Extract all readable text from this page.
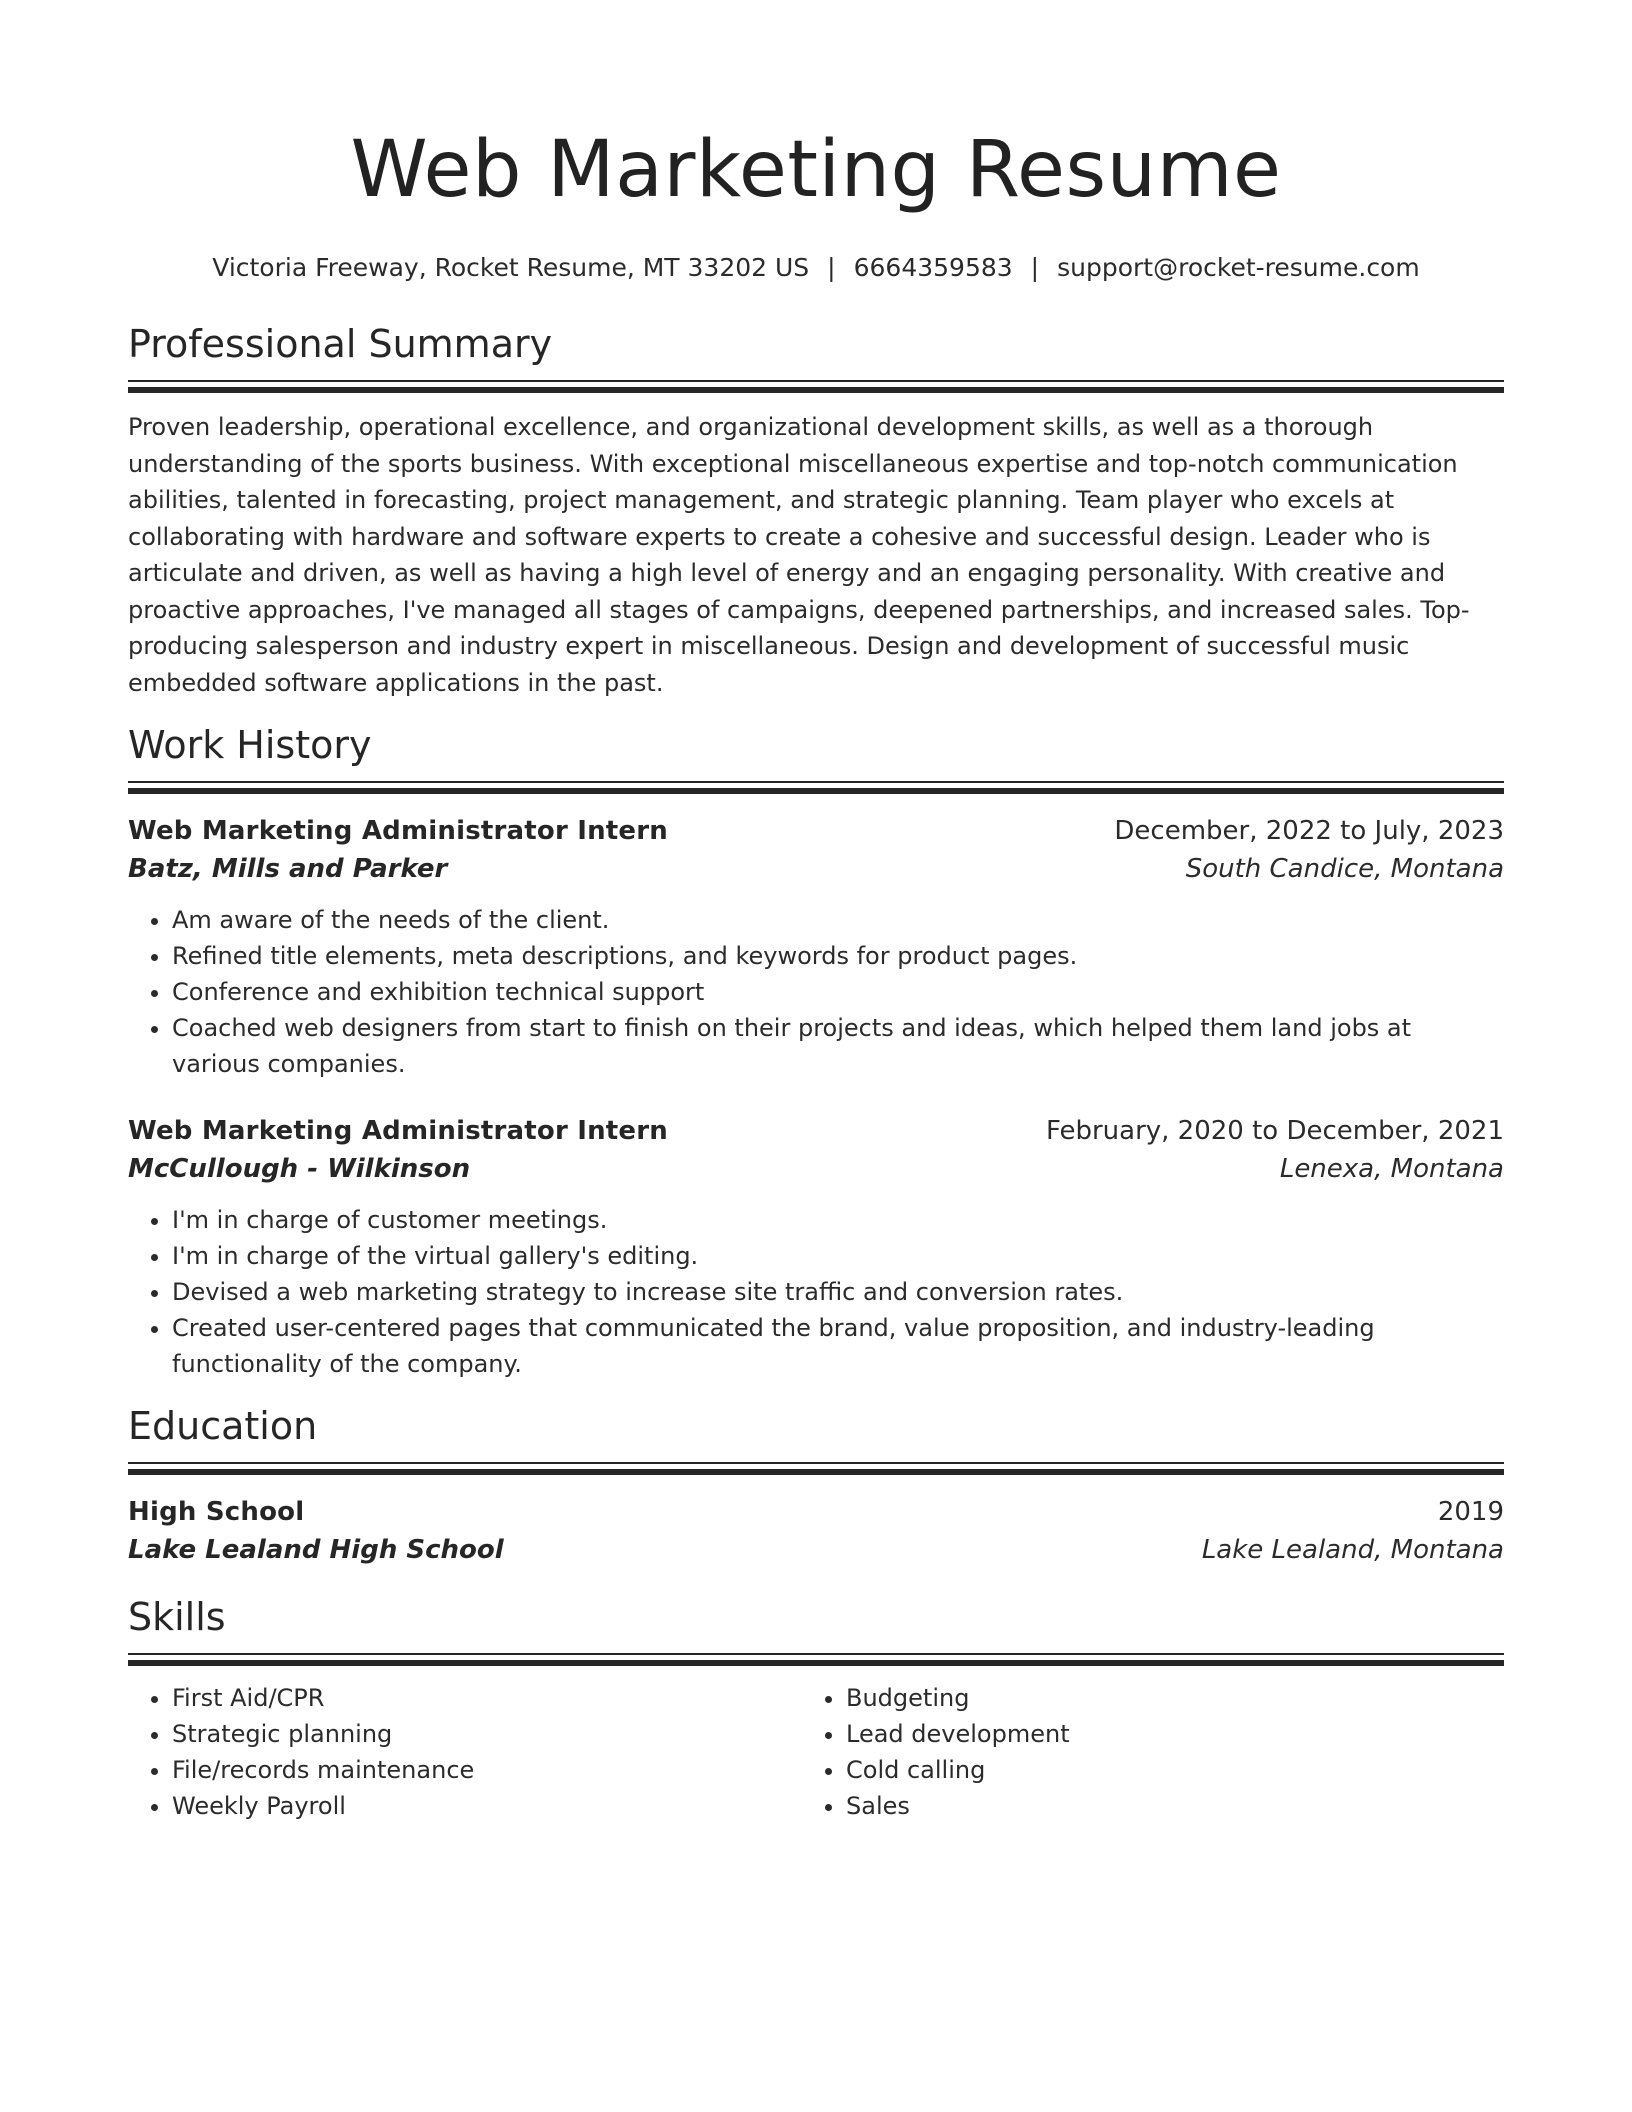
Web Marketing Resume
Victoria Freeway, Rocket Resume, MT 33202 US | 6664359583 | support@rocket-resume.com
Professional Summary

Proven leadership, operational excellence, and organizational development skills, as well as a thorough understanding of the sports business. With exceptional miscellaneous expertise and top-notch communication abilities, talented in forecasting, project management, and strategic planning. Team player who excels at collaborating with hardware and software experts to create a cohesive and successful design. Leader who is articulate and driven, as well as having a high level of energy and an engaging personality. With creative and proactive approaches, I've managed all stages of campaigns, deepened partnerships, and increased sales. Top-producing salesperson and industry expert in miscellaneous. Design and development of successful music embedded software applications in the past.

Work History
Web Marketing Administrator Intern	December, 2022 to July, 2023
Batz, Mills and Parker	South Candice, Montana
• Am aware of the needs of the client.
• Refined title elements, meta descriptions, and keywords for product pages.
• Conference and exhibition technical support
• Coached web designers from start to finish on their projects and ideas, which helped them land jobs at various companies.
Web Marketing Administrator Intern	February, 2020 to December, 2021
McCullough - Wilkinson	Lenexa, Montana
• I'm in charge of customer meetings.
• I'm in charge of the virtual gallery's editing.
• Devised a web marketing strategy to increase site traffic and conversion rates.
• Created user-centered pages that communicated the brand, value proposition, and industry-leading functionality of the company.
Education
High School	2019
Lake Lealand High School	Lake Lealand, Montana
Skills
• First Aid/CPR
• Strategic planning
• File/records maintenance
• Weekly Payroll
• Budgeting
• Lead development
• Cold calling
• Sales
